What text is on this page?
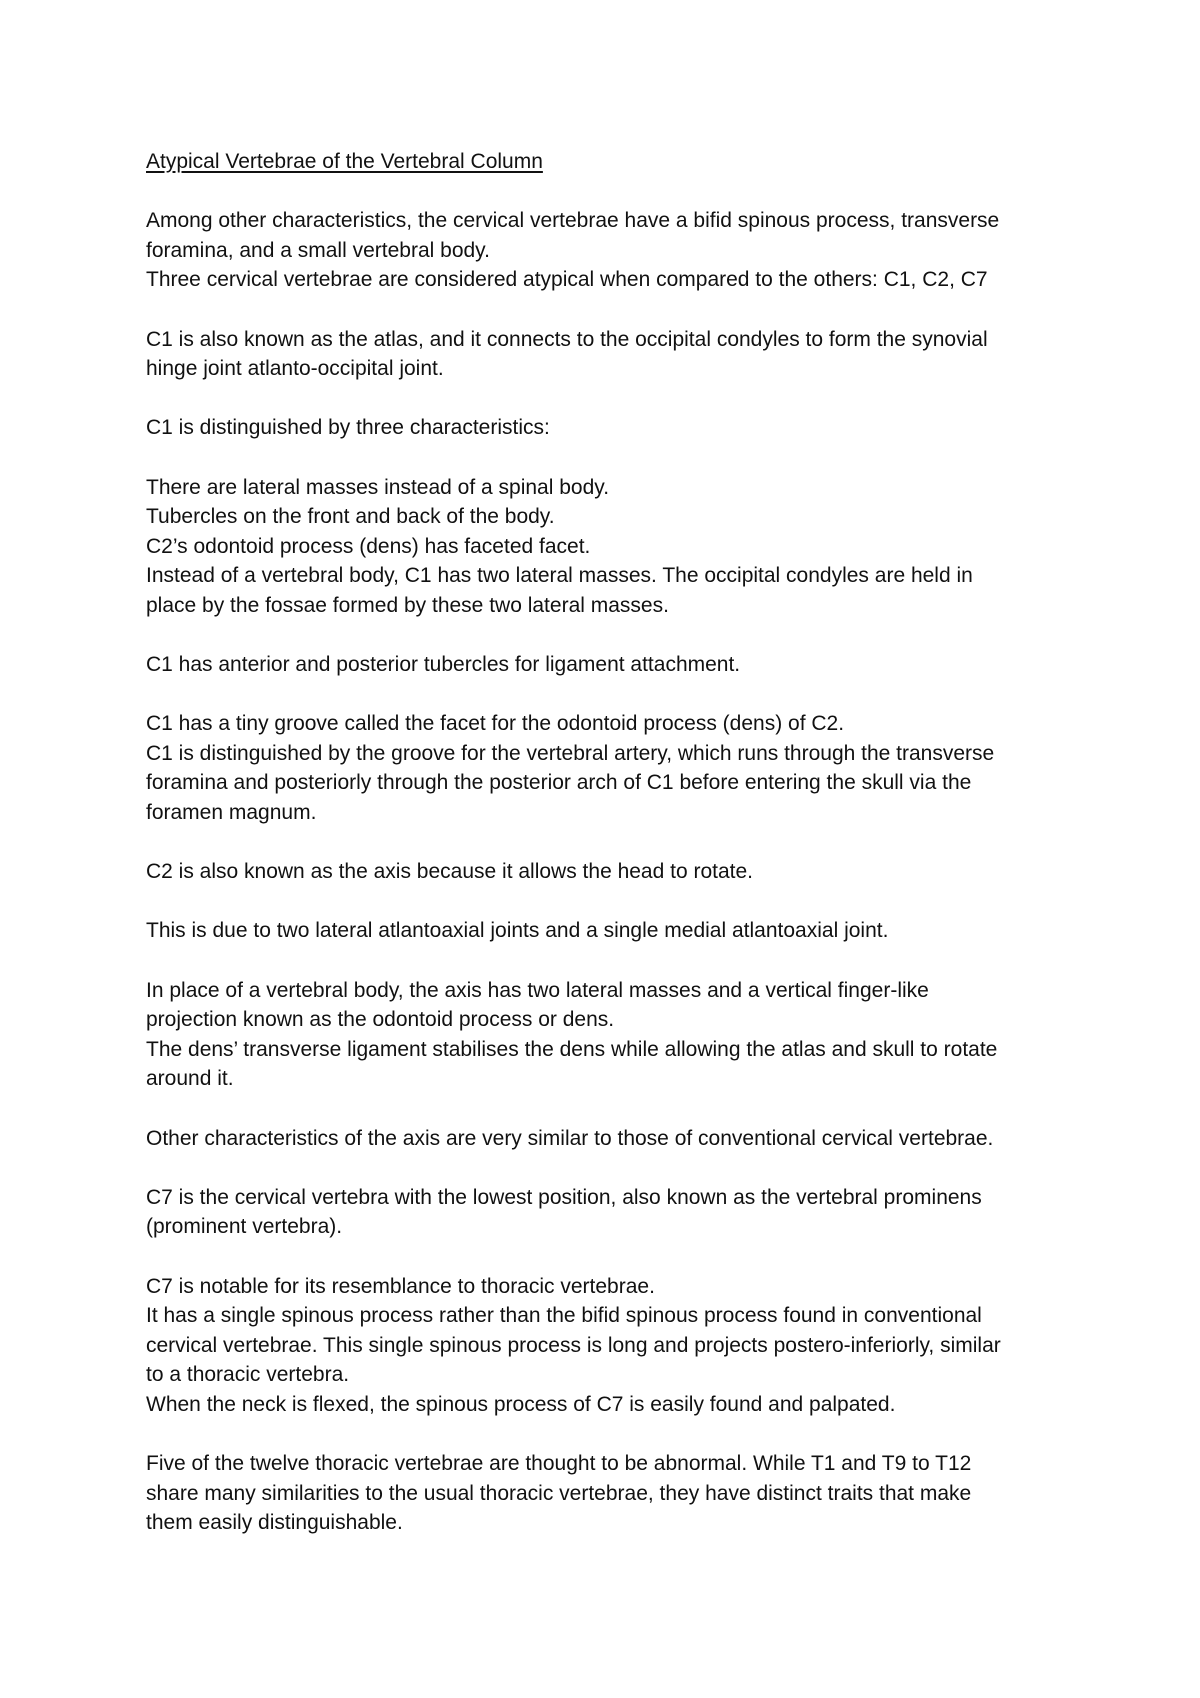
Atypical Vertebrae of the Vertebral Column
Among other characteristics, the cervical vertebrae have a bifid spinous process, transverse
foramina, and a small vertebral body.
Three cervical vertebrae are considered atypical when compared to the others: C1, C2, C7
C1 is also known as the atlas, and it connects to the occipital condyles to form the synovial
hinge joint atlanto-occipital joint.
C1 is distinguished by three characteristics:
There are lateral masses instead of a spinal body.
Tubercles on the front and back of the body.
C2’s odontoid process (dens) has faceted facet.
Instead of a vertebral body, C1 has two lateral masses. The occipital condyles are held in
place by the fossae formed by these two lateral masses.
C1 has anterior and posterior tubercles for ligament attachment.
C1 has a tiny groove called the facet for the odontoid process (dens) of C2.
C1 is distinguished by the groove for the vertebral artery, which runs through the transverse
foramina and posteriorly through the posterior arch of C1 before entering the skull via the
foramen magnum.
C2 is also known as the axis because it allows the head to rotate.
This is due to two lateral atlantoaxial joints and a single medial atlantoaxial joint.
In place of a vertebral body, the axis has two lateral masses and a vertical finger-like
projection known as the odontoid process or dens.
The dens’ transverse ligament stabilises the dens while allowing the atlas and skull to rotate
around it.
Other characteristics of the axis are very similar to those of conventional cervical vertebrae.
C7 is the cervical vertebra with the lowest position, also known as the vertebral prominens
(prominent vertebra).
C7 is notable for its resemblance to thoracic vertebrae.
It has a single spinous process rather than the bifid spinous process found in conventional
cervical vertebrae. This single spinous process is long and projects postero-inferiorly, similar
to a thoracic vertebra.
When the neck is flexed, the spinous process of C7 is easily found and palpated.
Five of the twelve thoracic vertebrae are thought to be abnormal. While T1 and T9 to T12
share many similarities to the usual thoracic vertebrae, they have distinct traits that make
them easily distinguishable.
